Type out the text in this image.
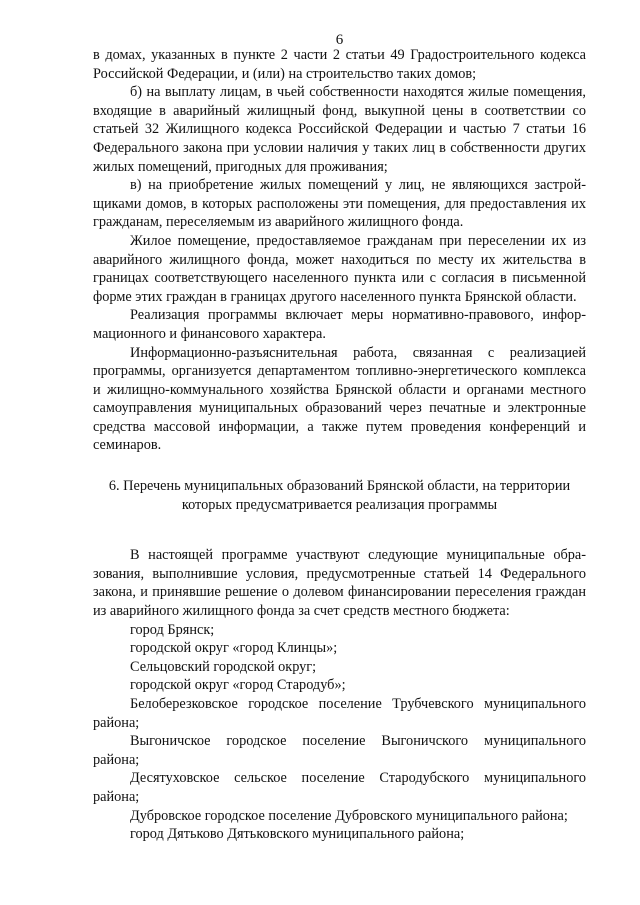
6

в домах, указанных в пункте 2 части 2 статьи 49 Градостроительного кодекса Российской Федерации, и (или) на строительство таких домов;

б) на выплату лицам, в чьей собственности находятся жилые помещения, входящие в аварийный жилищный фонд, выкупной цены в соответствии со статьей 32 Жилищного кодекса Российской Федерации и частью 7 статьи 16 Федерального закона при условии наличия у таких лиц в собственности других жилых помещений, пригодных для проживания;

в) на приобретение жилых помещений у лиц, не являющихся застройщиками домов, в которых расположены эти помещения, для предоставления их гражданам, переселяемым из аварийного жилищного фонда.

Жилое помещение, предоставляемое гражданам при переселении их из аварийного жилищного фонда, может находиться по месту их жительства в границах соответствующего населенного пункта или с согласия в письменной форме этих граждан в границах другого населенного пункта Брянской области.

Реализация программы включает меры нормативно-правового, информационного и финансового характера.

Информационно-разъяснительная работа, связанная с реализацией программы, организуется департаментом топливно-энергетического комплекса и жилищно-коммунального хозяйства Брянской области и органами местного самоуправления муниципальных образований через печатные и электронные средства массовой информации, а также путем проведения конференций и семинаров.

6. Перечень муниципальных образований Брянской области, на территории
которых предусматривается реализация программы

В настоящей программе участвуют следующие муниципальные образования, выполнившие условия, предусмотренные статьей 14 Федерального закона, и принявшие решение о долевом финансировании переселения граждан из аварийного жилищного фонда за счет средств местного бюджета:

город Брянск;

городской округ «город Клинцы»;

Сельцовский городской округ;

городской округ «город Стародуб»;

Белоберезковское городское поселение Трубчевского муниципального района;

Выгоничское городское поселение Выгоничского муниципального района;

Десятуховское сельское поселение Стародубского муниципального района;

Дубровское городское поселение Дубровского муниципального района;

город Дятьково Дятьковского муниципального района;
